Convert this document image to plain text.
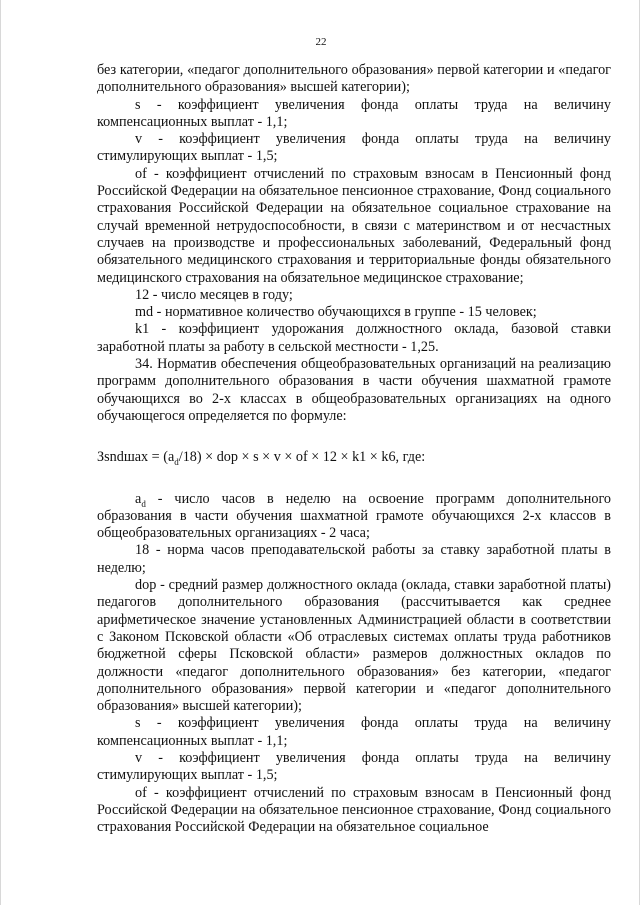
22

без категории, «педагог дополнительного образования» первой категории и «педагог дополнительного образования» высшей категории);

s - коэффициент увеличения фонда оплаты труда на величину компенсационных выплат - 1,1;

v - коэффициент увеличения фонда оплаты труда на величину стимулирующих выплат - 1,5;

of - коэффициент отчислений по страховым взносам в Пенсионный фонд Российской Федерации на обязательное пенсионное страхование, Фонд социального страхования Российской Федерации на обязательное социальное страхование на случай временной нетрудоспособности, в связи с материнством и от несчастных случаев на производстве и профессиональных заболеваний, Федеральный фонд обязательного медицинского страхования и территориальные фонды обязательного медицинского страхования на обязательное медицинское страхование;

12 - число месяцев в году;

md - нормативное количество обучающихся в группе - 15 человек;

k1 - коэффициент удорожания должностного оклада, базовой ставки заработной платы за работу в сельской местности - 1,25.

34. Норматив обеспечения общеобразовательных организаций на реализацию программ дополнительного образования в части обучения шахматной грамоте обучающихся во 2-х классах в общеобразовательных организациях на одного обучающегося определяется по формуле:

Зsndшах = $(a_d/18)$ × dop × s × v × of × 12 × k1 × k6, где:

$a_d$ - число часов в неделю на освоение программ дополнительного образования в части обучения шахматной грамоте обучающихся 2-х классов в общеобразовательных организациях - 2 часа;

18 - норма часов преподавательской работы за ставку заработной платы в неделю;

dop - средний размер должностного оклада (оклада, ставки заработной платы) педагогов дополнительного образования (рассчитывается как среднее арифметическое значение установленных Администрацией области в соответствии с Законом Псковской области «Об отраслевых системах оплаты труда работников бюджетной сферы Псковской области» размеров должностных окладов по должности «педагог дополнительного образования» без категории, «педагог дополнительного образования» первой категории и «педагог дополнительного образования» высшей категории);

s - коэффициент увеличения фонда оплаты труда на величину компенсационных выплат - 1,1;

v - коэффициент увеличения фонда оплаты труда на величину стимулирующих выплат - 1,5;

of - коэффициент отчислений по страховым взносам в Пенсионный фонд Российской Федерации на обязательное пенсионное страхование, Фонд социального страхования Российской Федерации на обязательное социальное
